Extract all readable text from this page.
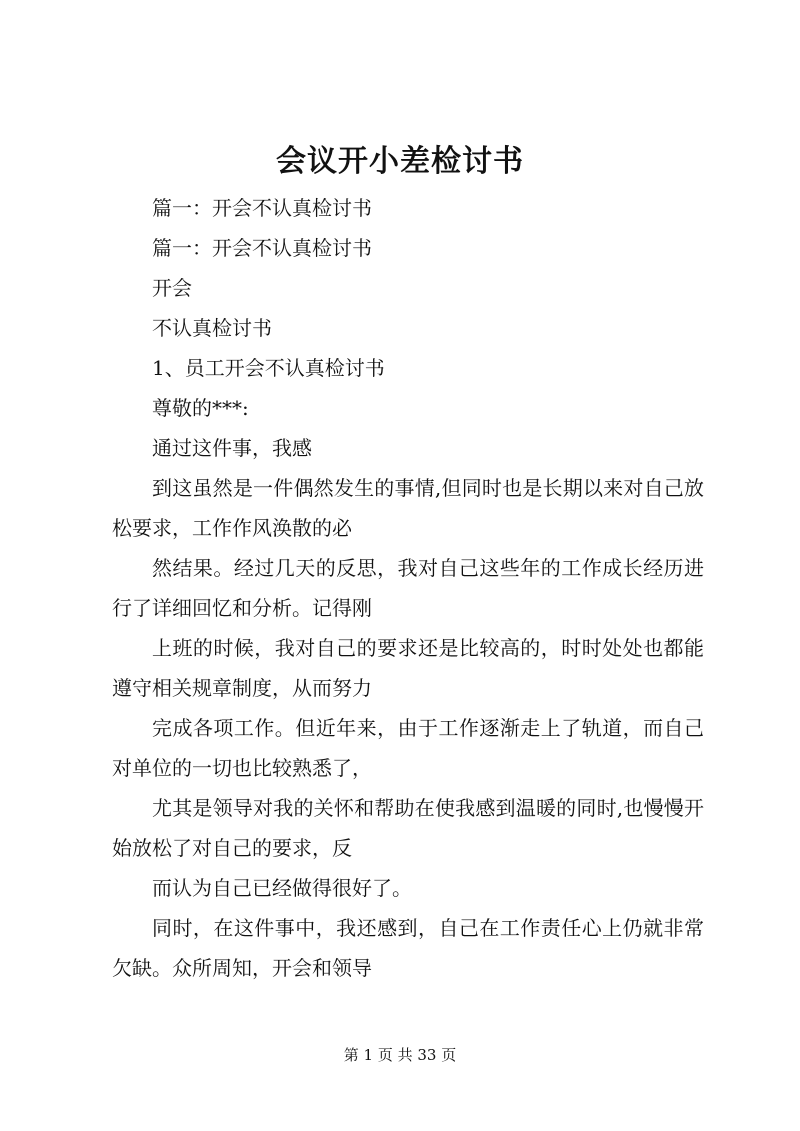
会议开小差检讨书

篇一：开会不认真检讨书

篇一：开会不认真检讨书

开会

不认真检讨书

1、员工开会不认真检讨书

尊敬的***:

通过这件事，我感

到这虽然是一件偶然发生的事情,但同时也是长期以来对自己放松要求，工作作风涣散的必

然结果。经过几天的反思，我对自己这些年的工作成长经历进行了详细回忆和分析。记得刚

上班的时候，我对自己的要求还是比较高的，时时处处也都能遵守相关规章制度，从而努力

完成各项工作。但近年来，由于工作逐渐走上了轨道，而自己对单位的一切也比较熟悉了，

尤其是领导对我的关怀和帮助在使我感到温暖的同时,也慢慢开始放松了对自己的要求，反

而认为自己已经做得很好了。

同时，在这件事中，我还感到，自己在工作责任心上仍就非常欠缺。众所周知，开会和领导

第 1 页 共 33 页
